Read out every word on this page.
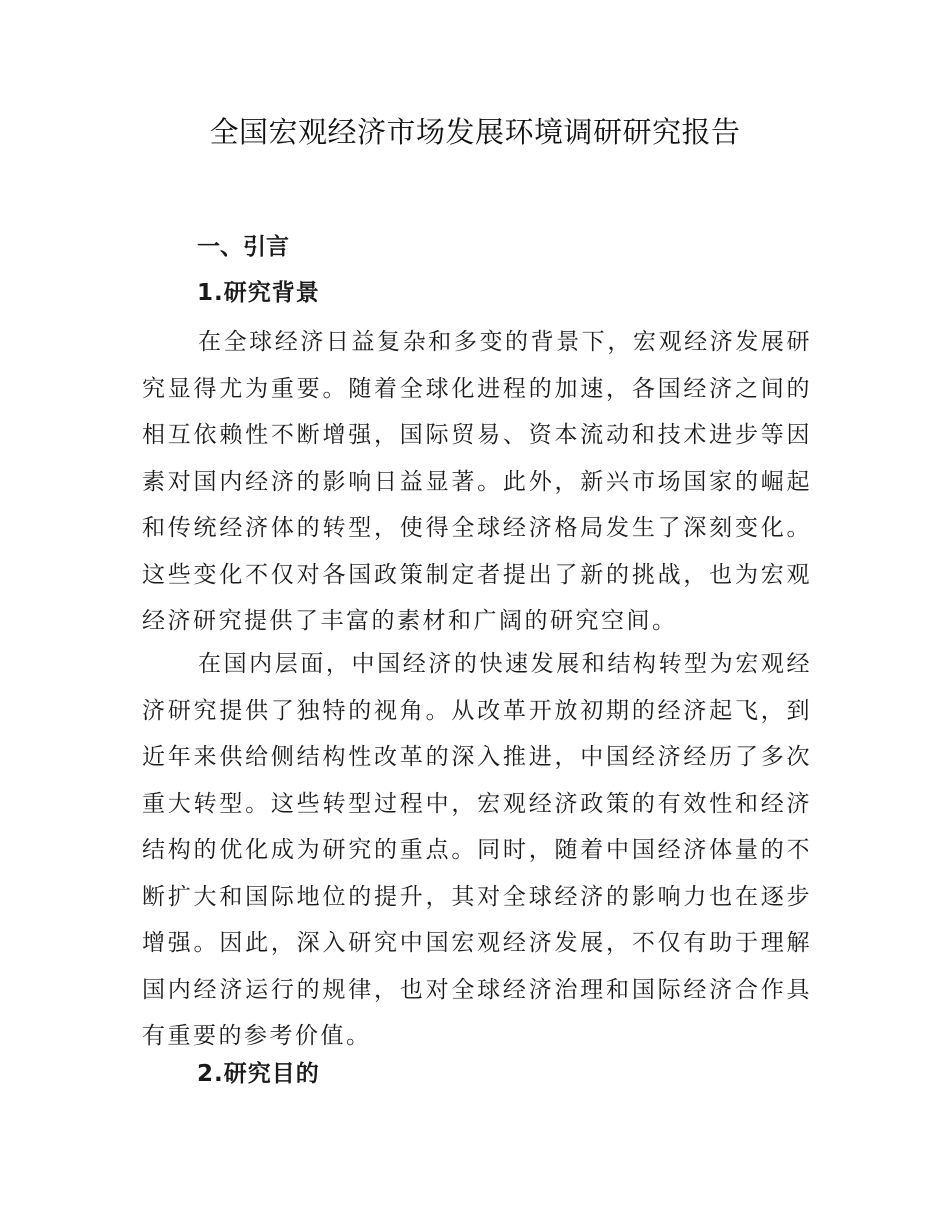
全国宏观经济市场发展环境调研研究报告
一、引言
1.研究背景

在全球经济日益复杂和多变的背景下，宏观经济发展研究显得尤为重要。随着全球化进程的加速，各国经济之间的相互依赖性不断增强，国际贸易、资本流动和技术进步等因素对国内经济的影响日益显著。此外，新兴市场国家的崛起和传统经济体的转型，使得全球经济格局发生了深刻变化。这些变化不仅对各国政策制定者提出了新的挑战，也为宏观经济研究提供了丰富的素材和广阔的研究空间。

在国内层面，中国经济的快速发展和结构转型为宏观经济研究提供了独特的视角。从改革开放初期的经济起飞，到近年来供给侧结构性改革的深入推进，中国经济经历了多次重大转型。这些转型过程中，宏观经济政策的有效性和经济结构的优化成为研究的重点。同时，随着中国经济体量的不断扩大和国际地位的提升，其对全球经济的影响力也在逐步增强。因此，深入研究中国宏观经济发展，不仅有助于理解国内经济运行的规律，也对全球经济治理和国际经济合作具有重要的参考价值。

2.研究目的
